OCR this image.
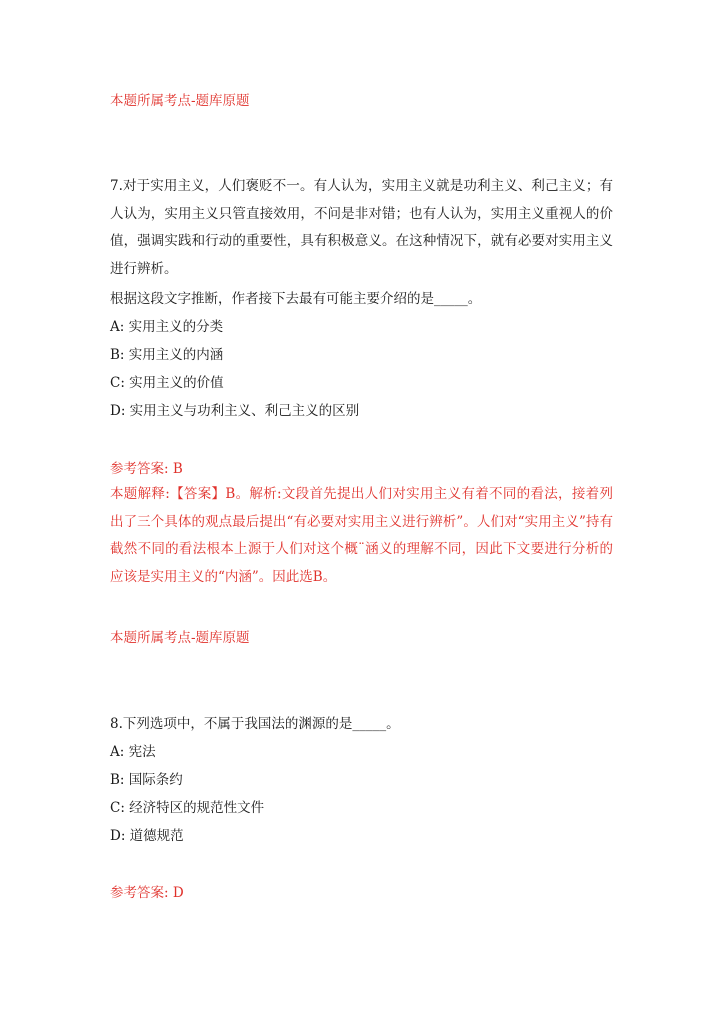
本题所属考点-题库原题
7.对于实用主义，人们褒贬不一。有人认为，实用主义就是功利主义、利己主义；有人认为，实用主义只管直接效用，不问是非对错；也有人认为，实用主义重视人的价值，强调实践和行动的重要性，具有积极意义。在这种情况下，就有必要对实用主义进行辨析。
根据这段文字推断，作者接下去最有可能主要介绍的是_____。
A: 实用主义的分类
B: 实用主义的内涵
C: 实用主义的价值
D: 实用主义与功利主义、利己主义的区别
参考答案: B
本题解释:【答案】B。解析:文段首先提出人们对实用主义有着不同的看法，接着列出了三个具体的观点最后提出“有必要对实用主义进行辨析”。人们对“实用主义”持有截然不同的看法根本上源于人们对这个概¨涵义的理解不同，因此下文要进行分析的应该是实用主义的“内涵”。因此选B。
本题所属考点-题库原题
8.下列选项中，不属于我国法的渊源的是_____。
A: 宪法
B: 国际条约
C: 经济特区的规范性文件
D: 道德规范
参考答案: D
